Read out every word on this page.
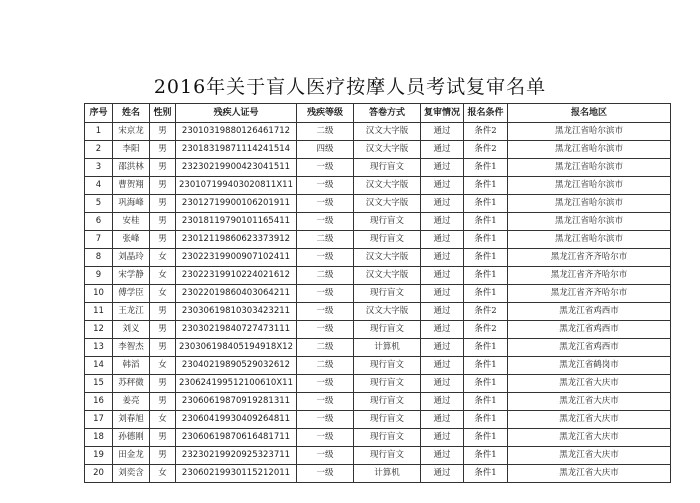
2016年关于盲人医疗按摩人员考试复审名单
序号	姓名	性别	残疾人证号	残疾等级	答卷方式	复审情况	报名条件	报名地区
1	宋京龙	男	23010319880126461712	二级	汉文大字版	通过	条件2	黑龙江省哈尔滨市
2	李阳	男	23018319871114241514	四级	汉文大字版	通过	条件2	黑龙江省哈尔滨市
3	邵洪林	男	23230219900423041511	一级	现行盲文	通过	条件1	黑龙江省哈尔滨市
4	曹贺翔	男	230107199403020811X11	一级	汉文大字版	通过	条件1	黑龙江省哈尔滨市
5	巩海峰	男	23012719900106201911	一级	汉文大字版	通过	条件1	黑龙江省哈尔滨市
6	安桂	男	23018119790101165411	一级	现行盲文	通过	条件1	黑龙江省哈尔滨市
7	张峰	男	23012119860623373912	二级	现行盲文	通过	条件1	黑龙江省哈尔滨市
8	刘晶玲	女	23022319900907102411	一级	汉文大字版	通过	条件1	黑龙江省齐齐哈尔市
9	宋学静	女	23022319910224021612	二级	汉文大字版	通过	条件1	黑龙江省齐齐哈尔市
10	傅学臣	女	23022019860403064211	一级	现行盲文	通过	条件1	黑龙江省齐齐哈尔市
11	王龙江	男	23030619810303423211	一级	汉文大字版	通过	条件2	黑龙江省鸡西市
12	刘义	男	23030219840727473111	一级	现行盲文	通过	条件2	黑龙江省鸡西市
13	李智杰	男	230306198405194918X12	二级	计算机	通过	条件1	黑龙江省鸡西市
14	韩滔	女	23040219890529032612	二级	现行盲文	通过	条件1	黑龙江省鹤岗市
15	苏秤微	男	230624199512100610X11	一级	现行盲文	通过	条件1	黑龙江省大庆市
16	姜亮	男	23060619870919281311	一级	现行盲文	通过	条件1	黑龙江省大庆市
17	刘春旭	女	23060419930409264811	一级	现行盲文	通过	条件1	黑龙江省大庆市
18	孙德刚	男	23060619870616481711	一级	现行盲文	通过	条件1	黑龙江省大庆市
19	田金龙	男	23230219920925323711	一级	现行盲文	通过	条件1	黑龙江省大庆市
20	刘奕含	女	23060219930115212011	一级	计算机	通过	条件1	黑龙江省大庆市
